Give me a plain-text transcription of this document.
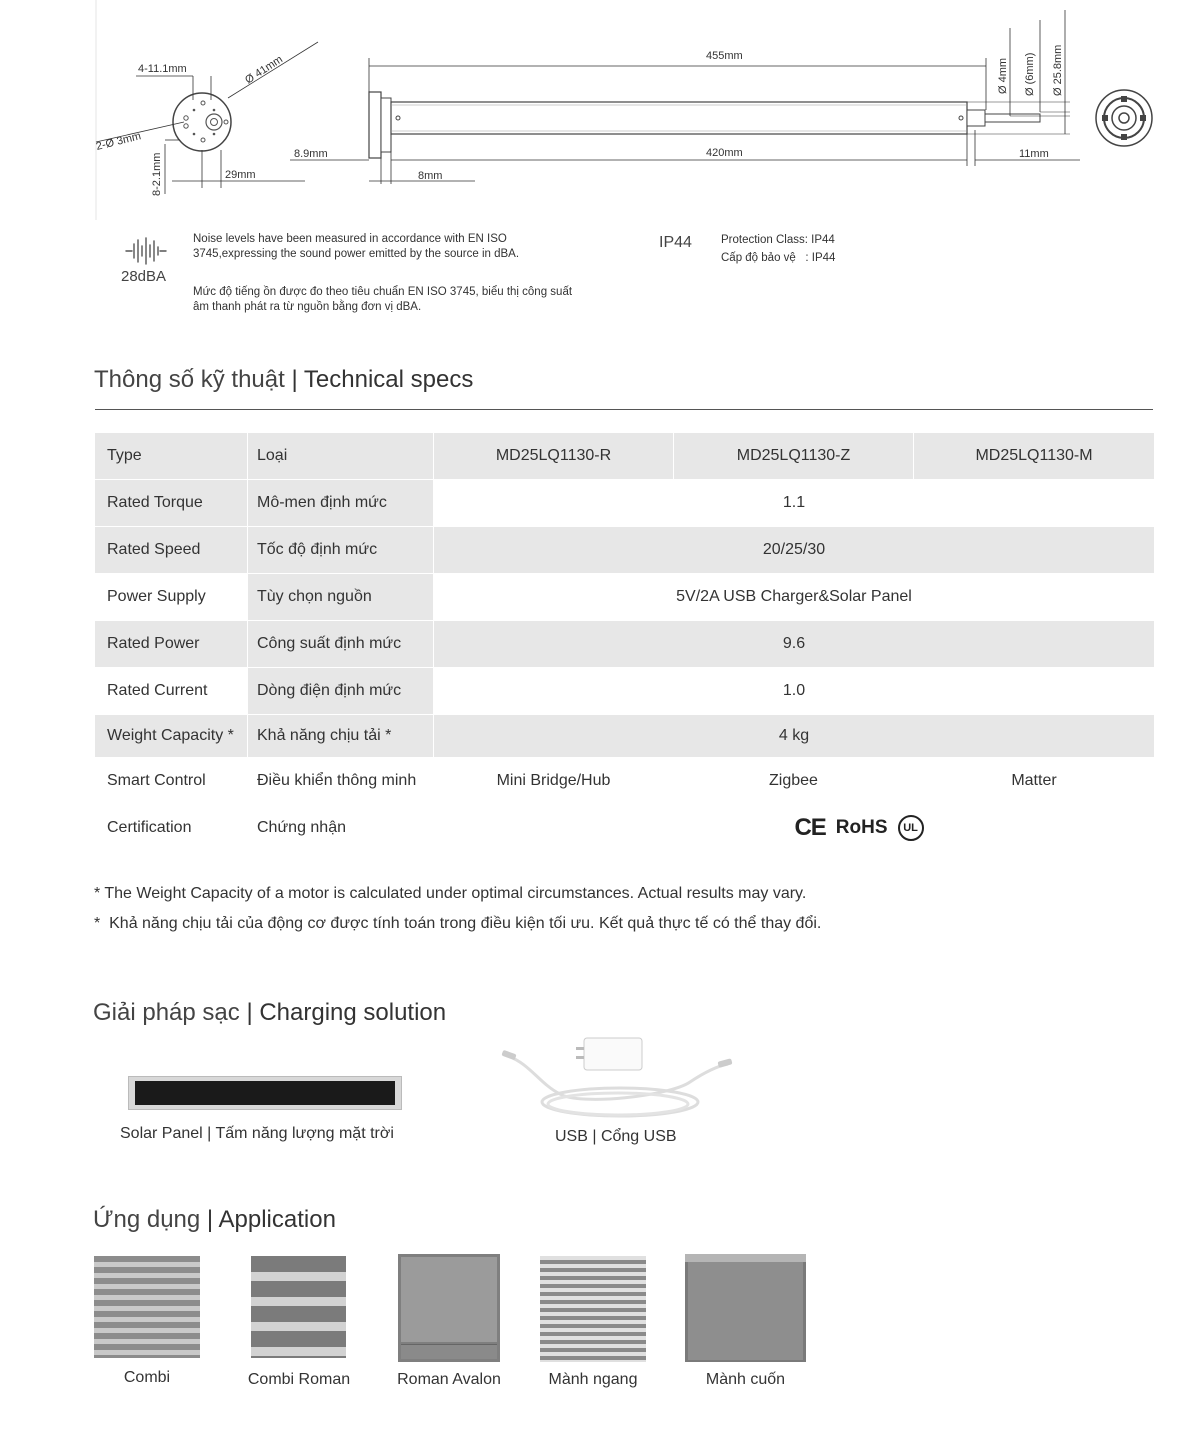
4-11.1mm	Ø 41mm
2-Ø 3mm
8-2.1mm	29mm
455mm
420mm
8.9mm
8mm
11mm
Ø 4mm Ø (6mm) Ø 25.8mm
28dBA
Noise levels have been measured in accordance with EN ISO 3745,expressing the sound power emitted by the source in dBA.
Mức độ tiếng ồn được đo theo tiêu chuẩn EN ISO 3745, biểu thị công suất âm thanh phát ra từ nguồn bằng đơn vị dBA.
IP44	Protection Class: IP44
Cấp độ bảo vệ   : IP44
Thông số kỹ thuật | Technical specs
Type	Loại	MD25LQ1130-R	MD25LQ1130-Z	MD25LQ1130-M
Rated Torque	Mô-men định mức	1.1		
Rated Speed	Tốc độ định mức	20/25/30		
Power Supply	Tùy chọn nguồn	5V/2A USB Charger&Solar Panel		
Rated Power	Công suất định mức	9.6		
Rated Current	Dòng điện định mức	1.0		
Weight Capacity *	Khả năng chịu tải *	4 kg		
Smart Control	Điều khiển thông minh	Mini Bridge/Hub	Zigbee	Matter
Certification	Chứng nhận	CE RoHS UL		
* The Weight Capacity of a motor is calculated under optimal circumstances. Actual results may vary.
*  Khả năng chịu tải của động cơ được tính toán trong điều kiện tối ưu. Kết quả thực tế có thể thay đổi.
Giải pháp sạc | Charging solution
Solar Panel | Tấm năng lượng mặt trời	USB | Cổng USB
Ứng dụng | Application
Combi	Combi Roman	Roman Avalon	Mành ngang	Mành cuốn
